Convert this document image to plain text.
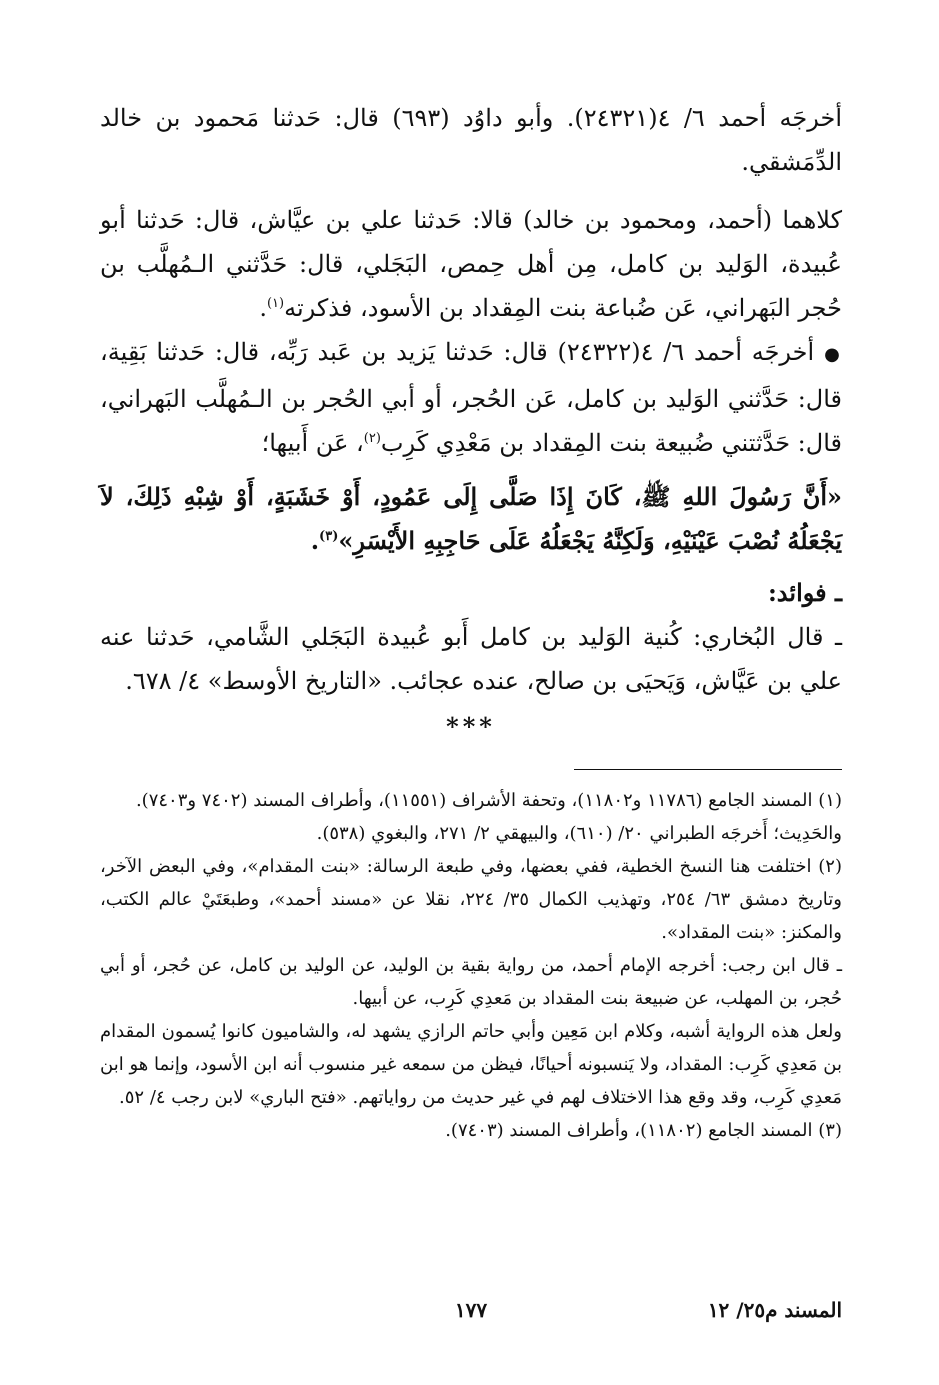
أخرجَه أحمد ٦/ ٤(٢٤٣٢١). وأبو داوُد (٦٩٣) قال: حَدثنا مَحمود بن خالد الدِّمَشقي.

كلاهما (أحمد، ومحمود بن خالد) قالا: حَدثنا علي بن عيَّاش، قال: حَدثنا أبو عُبيدة، الوَليد بن كامل، مِن أهل حِمص، البَجَلي، قال: حَدَّثني الـمُهلَّب بن حُجر البَهراني، عَن ضُباعة بنت المِقداد بن الأسود، فذكرته$^{(١)}$.

●أخرجَه أحمد ٦/ ٤(٢٤٣٢٢) قال: حَدثنا يَزيد بن عَبد رَبِّه، قال: حَدثنا بَقِية، قال: حَدَّثني الوَليد بن كامل، عَن الحُجر، أو أبي الحُجر بن الـمُهلَّب البَهراني، قال: حَدَّثتني ضُبيعة بنت المِقداد بن مَعْدِي كَرِب$^{(٢)}$، عَن أَبيها؛

«أَنَّ رَسُولَ اللهِ ﷺ، كَانَ إِذَا صَلَّى إِلَى عَمُودٍ، أَوْ خَشَبَةٍ، أَوْ شِبْهِ ذَلِكَ، لاَ يَجْعَلُهُ نُصْبَ عَيْنَيْهِ، وَلَكِنَّهُ يَجْعَلُهُ عَلَى حَاجِبِهِ الأَيْسَرِ»$^{(٣)}$.

ـ فوائد:

ـ قال البُخاري: كُنية الوَليد بن كامل أَبو عُبيدة البَجَلي الشَّامي، حَدثنا عنه علي بن عَيَّاش، وَيَحيَى بن صالح، عنده عجائب. «التاريخ الأوسط» ٤/ ٦٧٨.

***

(١) المسند الجامع (١١٧٨٦ و١١٨٠٢)، وتحفة الأشراف (١١٥٥١)، وأطراف المسند (٧٤٠٢ و٧٤٠٣).

والحَدِيث؛ أَخرجَه الطبراني ٢٠/ (٦١٠)، والبيهقي ٢/ ٢٧١، والبغوي (٥٣٨).

(٢) اختلفت هنا النسخ الخطية، ففي بعضها، وفي طبعة الرسالة: «بنت المقدام»، وفي البعض الآخر، وتاريخ دمشق ٦٣/ ٢٥٤، وتهذيب الكمال ٣٥/ ٢٢٤، نقلا عن «مسند أحمد»، وطبعَتَيْ عالم الكتب، والمكنز: «بنت المقداد».

ـ قال ابن رجب: أخرجه الإمام أحمد، من رواية بقية بن الوليد، عن الوليد بن كامل، عن حُجر، أو أبي حُجر، بن المهلب، عن ضبيعة بنت المقداد بن مَعدِي كَرِب، عن أبيها.

ولعل هذه الرواية أشبه، وكلام ابن مَعِين وأبي حاتم الرازي يشهد له، والشاميون كانوا يُسمون المقدام بن مَعدِي كَرِب: المقداد، ولا يَنسبونه أحيانًا، فيظن من سمعه غير منسوب أنه ابن الأسود، وإنما هو ابن مَعدِي كَرِب، وقد وقع هذا الاختلاف لهم في غير حديث من رواياتهم. «فتح الباري» لابن رجب ٤/ ٥٢.

(٣) المسند الجامع (١١٨٠٢)، وأطراف المسند (٧٤٠٣).

المسند م٢٥/ ١٢
١٧٧
